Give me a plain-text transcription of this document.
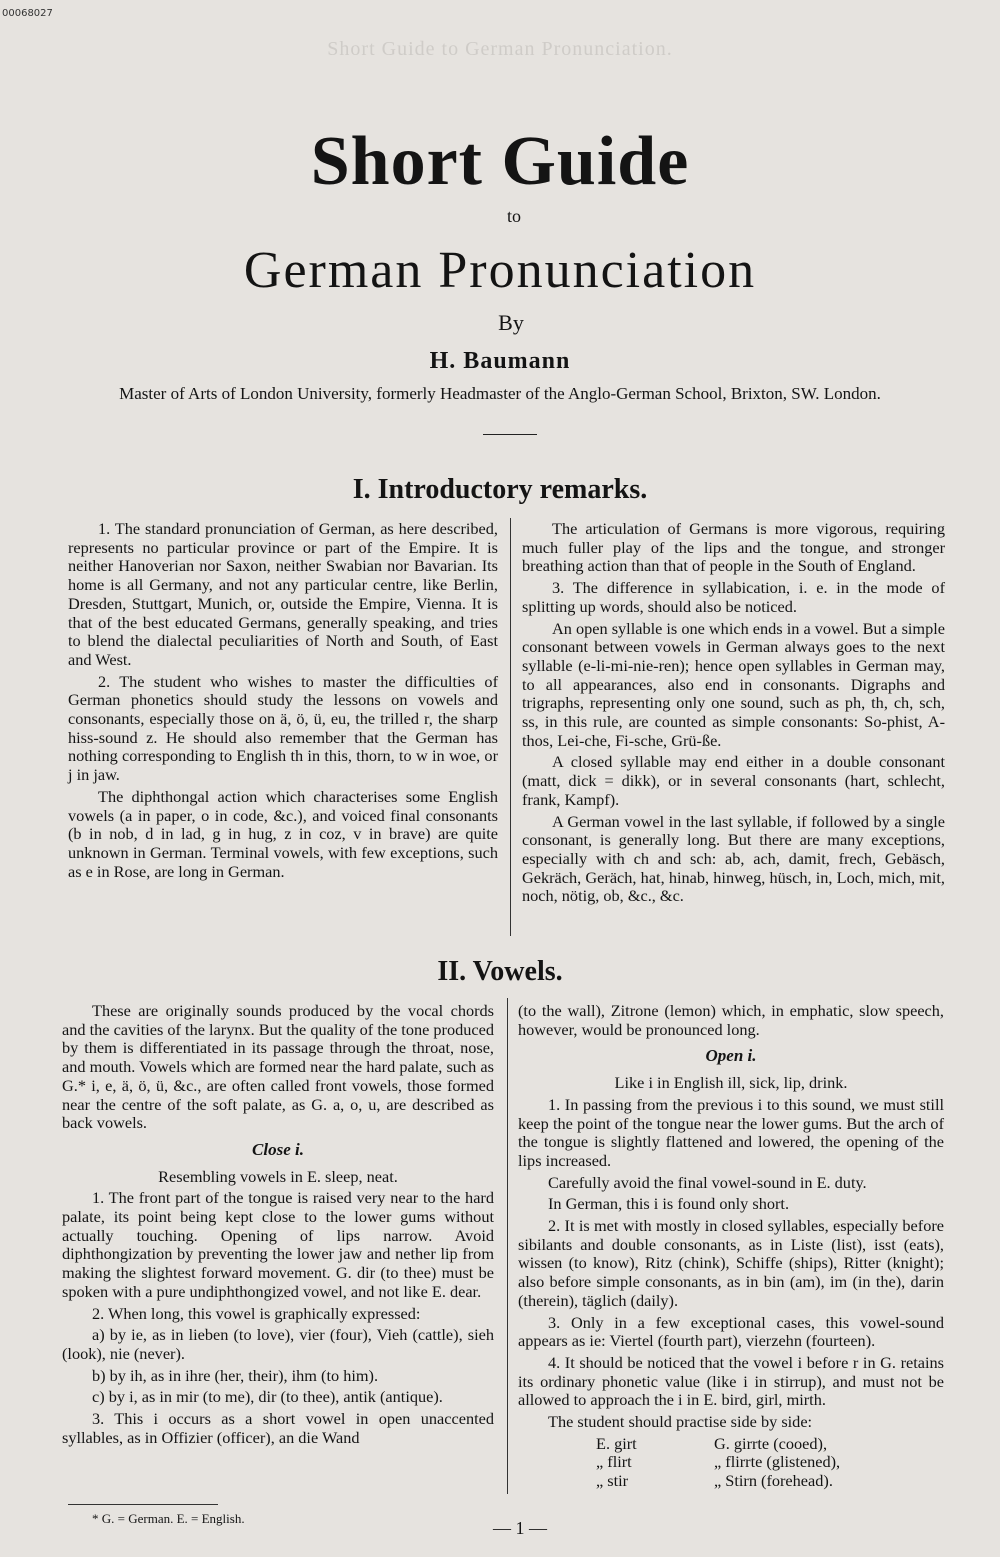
00068027
Short Guide to German Pronunciation.
Short Guide
to
German Pronunciation
By
H. Baumann
Master of Arts of London University, formerly Headmaster of the Anglo-German School, Brixton, SW. London.
I. Introductory remarks.

1. The standard pronunciation of German, as here described, represents no particular province or part of the Empire. It is neither Hanoverian nor Saxon, neither Swabian nor Bavarian. Its home is all Germany, and not any particular centre, like Berlin, Dresden, Stuttgart, Munich, or, outside the Empire, Vienna. It is that of the best educated Germans, generally speaking, and tries to blend the dialectal peculiarities of North and South, of East and West.

2. The student who wishes to master the difficulties of German phonetics should study the lessons on vowels and consonants, especially those on ä, ö, ü, eu, the trilled r, the sharp hiss-sound z. He should also remember that the German has nothing corresponding to English th in this, thorn, to w in woe, or j in jaw.

The diphthongal action which characterises some English vowels (a in paper, o in code, &c.), and voiced final consonants (b in nob, d in lad, g in hug, z in coz, v in brave) are quite unknown in German. Terminal vowels, with few exceptions, such as e in Rose, are long in German.

The articulation of Germans is more vigorous, requiring much fuller play of the lips and the tongue, and stronger breathing action than that of people in the South of England.

3. The difference in syllabication, i. e. in the mode of splitting up words, should also be noticed.

An open syllable is one which ends in a vowel. But a simple consonant between vowels in German always goes to the next syllable (e-li-mi-nie-ren); hence open syllables in German may, to all appearances, also end in consonants. Digraphs and trigraphs, representing only one sound, such as ph, th, ch, sch, ss, in this rule, are counted as simple consonants: So-phist, A-thos, Lei-che, Fi-sche, Grü-ße.

A closed syllable may end either in a double consonant (matt, dick = dikk), or in several consonants (hart, schlecht, frank, Kampf).

A German vowel in the last syllable, if followed by a single consonant, is generally long. But there are many exceptions, especially with ch and sch: ab, ach, damit, frech, Gebäsch, Gekräch, Geräch, hat, hinab, hinweg, hüsch, in, Loch, mich, mit, noch, nötig, ob, &c., &c.

II. Vowels.

These are originally sounds produced by the vocal chords and the cavities of the larynx. But the quality of the tone produced by them is differentiated in its passage through the throat, nose, and mouth. Vowels which are formed near the hard palate, such as G.* i, e, ä, ö, ü, &c., are often called front vowels, those formed near the centre of the soft palate, as G. a, o, u, are described as back vowels.

Close i.

Resembling vowels in E. sleep, neat.

1. The front part of the tongue is raised very near to the hard palate, its point being kept close to the lower gums without actually touching. Opening of lips narrow. Avoid diphthongization by preventing the lower jaw and nether lip from making the slightest forward movement. G. dir (to thee) must be spoken with a pure undiphthongized vowel, and not like E. dear.

2. When long, this vowel is graphically expressed:

a) by ie, as in lieben (to love), vier (four), Vieh (cattle), sieh (look), nie (never).

b) by ih, as in ihre (her, their), ihm (to him).

c) by i, as in mir (to me), dir (to thee), antik (antique).

3. This i occurs as a short vowel in open unaccented syllables, as in Offizier (officer), an die Wand

(to the wall), Zitrone (lemon) which, in emphatic, slow speech, however, would be pronounced long.

Open i.

Like i in English ill, sick, lip, drink.

1. In passing from the previous i to this sound, we must still keep the point of the tongue near the lower gums. But the arch of the tongue is slightly flattened and lowered, the opening of the lips increased.

Carefully avoid the final vowel-sound in E. duty.

In German, this i is found only short.

2. It is met with mostly in closed syllables, especially before sibilants and double consonants, as in Liste (list), isst (eats), wissen (to know), Ritz (chink), Schiffe (ships), Ritter (knight); also before simple consonants, as in bin (am), im (in the), darin (therein), täglich (daily).

3. Only in a few exceptional cases, this vowel-sound appears as ie: Viertel (fourth part), vierzehn (fourteen).

4. It should be noticed that the vowel i before r in G. retains its ordinary phonetic value (like i in stirrup), and must not be allowed to approach the i in E. bird, girl, mirth.

The student should practise side by side:

E. girt	G. girrte (cooed),
„ flirt	„ flirrte (glistened),
„ stir	„ Stirn (forehead).
* G. = German. E. = English.	— 1 —
